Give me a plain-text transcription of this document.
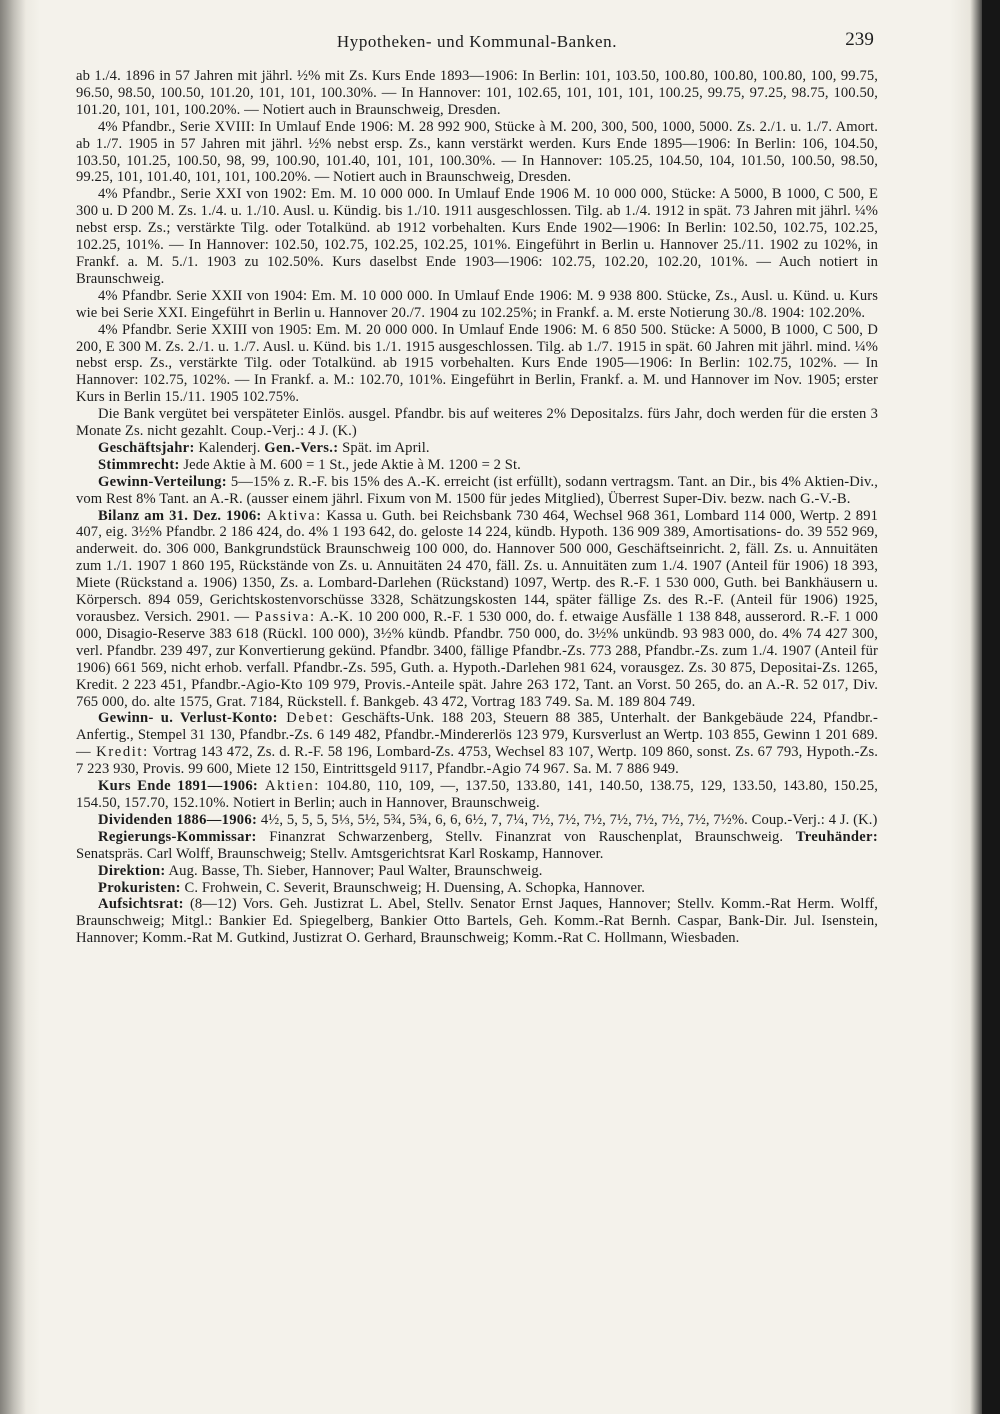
Hypotheken- und Kommunal-Banken.	239

ab 1./4. 1896 in 57 Jahren mit jährl. ½% mit Zs. Kurs Ende 1893—1906: In Berlin: 101, 103.50, 100.80, 100.80, 100.80, 100, 99.75, 96.50, 98.50, 100.50, 101.20, 101, 101, 100.30%. — In Hannover: 101, 102.65, 101, 101, 101, 100.25, 99.75, 97.25, 98.75, 100.50, 101.20, 101, 101, 100.20%. — Notiert auch in Braunschweig, Dresden.

4% Pfandbr., Serie XVIII: In Umlauf Ende 1906: M. 28 992 900, Stücke à M. 200, 300, 500, 1000, 5000. Zs. 2./1. u. 1./7. Amort. ab 1./7. 1905 in 57 Jahren mit jährl. ½% nebst ersp. Zs., kann verstärkt werden. Kurs Ende 1895—1906: In Berlin: 106, 104.50, 103.50, 101.25, 100.50, 98, 99, 100.90, 101.40, 101, 101, 100.30%. — In Hannover: 105.25, 104.50, 104, 101.50, 100.50, 98.50, 99.25, 101, 101.40, 101, 101, 100.20%. — Notiert auch in Braunschweig, Dresden.

4% Pfandbr., Serie XXI von 1902: Em. M. 10 000 000. In Umlauf Ende 1906 M. 10 000 000, Stücke: A 5000, B 1000, C 500, E 300 u. D 200 M. Zs. 1./4. u. 1./10. Ausl. u. Kündig. bis 1./10. 1911 ausgeschlossen. Tilg. ab 1./4. 1912 in spät. 73 Jahren mit jährl. ¼% nebst ersp. Zs.; verstärkte Tilg. oder Totalkünd. ab 1912 vorbehalten. Kurs Ende 1902—1906: In Berlin: 102.50, 102.75, 102.25, 102.25, 101%. — In Hannover: 102.50, 102.75, 102.25, 102.25, 101%. Eingeführt in Berlin u. Hannover 25./11. 1902 zu 102%, in Frankf. a. M. 5./1. 1903 zu 102.50%. Kurs daselbst Ende 1903—1906: 102.75, 102.20, 102.20, 101%. — Auch notiert in Braunschweig.

4% Pfandbr. Serie XXII von 1904: Em. M. 10 000 000. In Umlauf Ende 1906: M. 9 938 800. Stücke, Zs., Ausl. u. Künd. u. Kurs wie bei Serie XXI. Eingeführt in Berlin u. Hannover 20./7. 1904 zu 102.25%; in Frankf. a. M. erste Notierung 30./8. 1904: 102.20%.

4% Pfandbr. Serie XXIII von 1905: Em. M. 20 000 000. In Umlauf Ende 1906: M. 6 850 500. Stücke: A 5000, B 1000, C 500, D 200, E 300 M. Zs. 2./1. u. 1./7. Ausl. u. Künd. bis 1./1. 1915 ausgeschlossen. Tilg. ab 1./7. 1915 in spät. 60 Jahren mit jährl. mind. ¼% nebst ersp. Zs., verstärkte Tilg. oder Totalkünd. ab 1915 vorbehalten. Kurs Ende 1905—1906: In Berlin: 102.75, 102%. — In Hannover: 102.75, 102%. — In Frankf. a. M.: 102.70, 101%. Eingeführt in Berlin, Frankf. a. M. und Hannover im Nov. 1905; erster Kurs in Berlin 15./11. 1905 102.75%.

Die Bank vergütet bei verspäteter Einlös. ausgel. Pfandbr. bis auf weiteres 2% Depositalzs. fürs Jahr, doch werden für die ersten 3 Monate Zs. nicht gezahlt. Coup.-Verj.: 4 J. (K.)

Geschäftsjahr: Kalenderj. Gen.-Vers.: Spät. im April.

Stimmrecht: Jede Aktie à M. 600 = 1 St., jede Aktie à M. 1200 = 2 St.

Gewinn-Verteilung: 5—15% z. R.-F. bis 15% des A.-K. erreicht (ist erfüllt), sodann vertragsm. Tant. an Dir., bis 4% Aktien-Div., vom Rest 8% Tant. an A.-R. (ausser einem jährl. Fixum von M. 1500 für jedes Mitglied), Überrest Super-Div. bezw. nach G.-V.-B.

Bilanz am 31. Dez. 1906: Aktiva: Kassa u. Guth. bei Reichsbank 730 464, Wechsel 968 361, Lombard 114 000, Wertp. 2 891 407, eig. 3½% Pfandbr. 2 186 424, do. 4% 1 193 642, do. geloste 14 224, kündb. Hypoth. 136 909 389, Amortisations- do. 39 552 969, anderweit. do. 306 000, Bankgrundstück Braunschweig 100 000, do. Hannover 500 000, Geschäftseinricht. 2, fäll. Zs. u. Annuitäten zum 1./1. 1907 1 860 195, Rückstände von Zs. u. Annuitäten 24 470, fäll. Zs. u. Annuitäten zum 1./4. 1907 (Anteil für 1906) 18 393, Miete (Rückstand a. 1906) 1350, Zs. a. Lombard-Darlehen (Rückstand) 1097, Wertp. des R.-F. 1 530 000, Guth. bei Bankhäusern u. Körpersch. 894 059, Gerichtskostenvorschüsse 3328, Schätzungskosten 144, später fällige Zs. des R.-F. (Anteil für 1906) 1925, vorausbez. Versich. 2901. — Passiva: A.-K. 10 200 000, R.-F. 1 530 000, do. f. etwaige Ausfälle 1 138 848, ausserord. R.-F. 1 000 000, Disagio-Reserve 383 618 (Rückl. 100 000), 3½% kündb. Pfandbr. 750 000, do. 3½% unkündb. 93 983 000, do. 4% 74 427 300, verl. Pfandbr. 239 497, zur Konvertierung gekünd. Pfandbr. 3400, fällige Pfandbr.-Zs. 773 288, Pfandbr.-Zs. zum 1./4. 1907 (Anteil für 1906) 661 569, nicht erhob. verfall. Pfandbr.-Zs. 595, Guth. a. Hypoth.-Darlehen 981 624, vorausgez. Zs. 30 875, Depositai-Zs. 1265, Kredit. 2 223 451, Pfandbr.-Agio-Kto 109 979, Provis.-Anteile spät. Jahre 263 172, Tant. an Vorst. 50 265, do. an A.-R. 52 017, Div. 765 000, do. alte 1575, Grat. 7184, Rückstell. f. Bankgeb. 43 472, Vortrag 183 749. Sa. M. 189 804 749.

Gewinn- u. Verlust-Konto: Debet: Geschäfts-Unk. 188 203, Steuern 88 385, Unterhalt. der Bankgebäude 224, Pfandbr.-Anfertig., Stempel 31 130, Pfandbr.-Zs. 6 149 482, Pfandbr.-Mindererlös 123 979, Kursverlust an Wertp. 103 855, Gewinn 1 201 689. — Kredit: Vortrag 143 472, Zs. d. R.-F. 58 196, Lombard-Zs. 4753, Wechsel 83 107, Wertp. 109 860, sonst. Zs. 67 793, Hypoth.-Zs. 7 223 930, Provis. 99 600, Miete 12 150, Eintrittsgeld 9117, Pfandbr.-Agio 74 967. Sa. M. 7 886 949.

Kurs Ende 1891—1906: Aktien: 104.80, 110, 109, —, 137.50, 133.80, 141, 140.50, 138.75, 129, 133.50, 143.80, 150.25, 154.50, 157.70, 152.10%. Notiert in Berlin; auch in Hannover, Braunschweig.

Dividenden 1886—1906: 4½, 5, 5, 5, 5⅓, 5½, 5¾, 5¾, 6, 6, 6½, 7, 7¼, 7½, 7½, 7½, 7½, 7½, 7½, 7½, 7½%. Coup.-Verj.: 4 J. (K.)

Regierungs-Kommissar: Finanzrat Schwarzenberg, Stellv. Finanzrat von Rauschenplat, Braunschweig. Treuhänder: Senatspräs. Carl Wolff, Braunschweig; Stellv. Amtsgerichtsrat Karl Roskamp, Hannover.

Direktion: Aug. Basse, Th. Sieber, Hannover; Paul Walter, Braunschweig.

Prokuristen: C. Frohwein, C. Severit, Braunschweig; H. Duensing, A. Schopka, Hannover.

Aufsichtsrat: (8—12) Vors. Geh. Justizrat L. Abel, Stellv. Senator Ernst Jaques, Hannover; Stellv. Komm.-Rat Herm. Wolff, Braunschweig; Mitgl.: Bankier Ed. Spiegelberg, Bankier Otto Bartels, Geh. Komm.-Rat Bernh. Caspar, Bank-Dir. Jul. Isenstein, Hannover; Komm.-Rat M. Gutkind, Justizrat O. Gerhard, Braunschweig; Komm.-Rat C. Hollmann, Wiesbaden.
